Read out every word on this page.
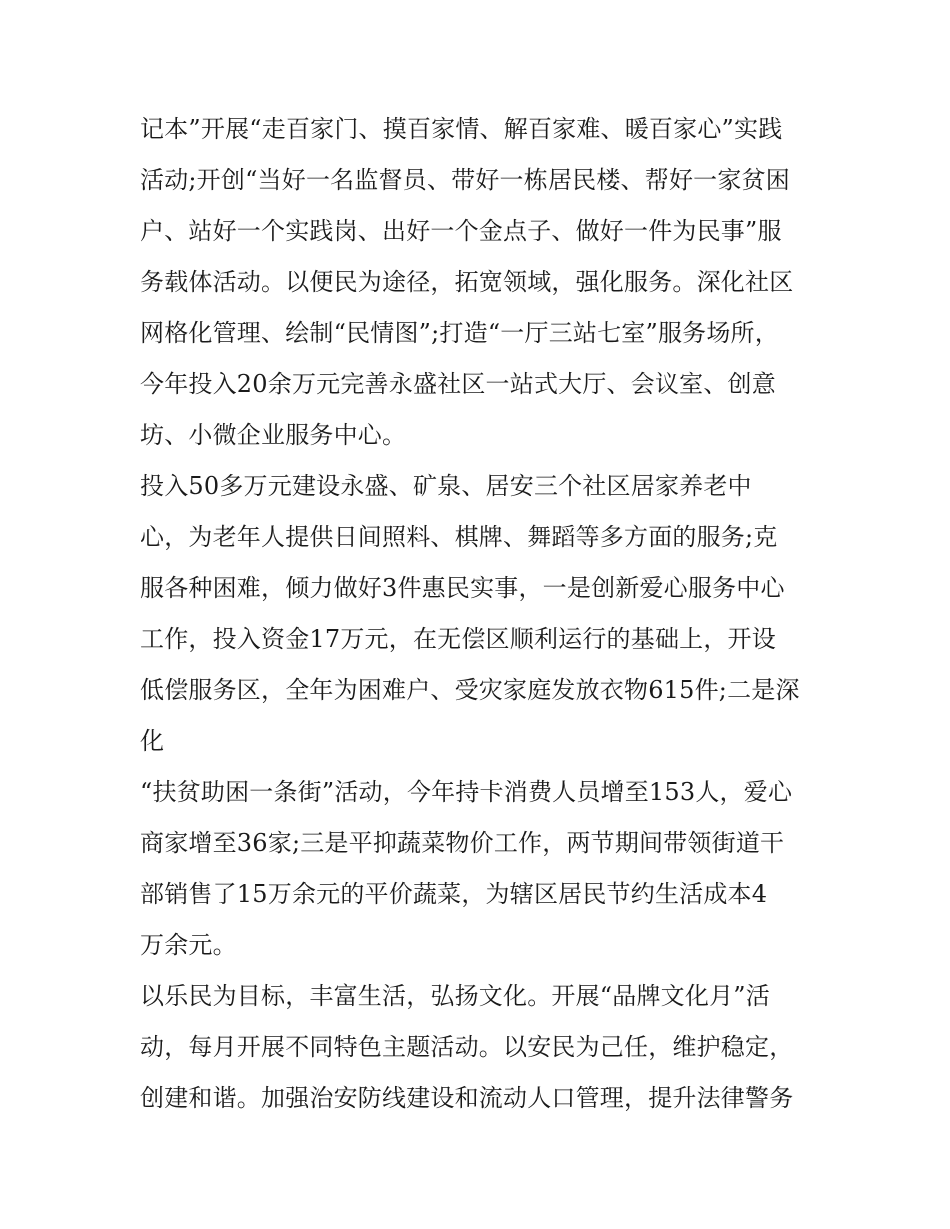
记本”开展“走百家门、摸百家情、解百家难、暖百家心”实践
活动;开创“当好一名监督员、带好一栋居民楼、帮好一家贫困
户、站好一个实践岗、出好一个金点子、做好一件为民事”服
务载体活动。以便民为途径，拓宽领域，强化服务。深化社区
网格化管理、绘制“民情图”;打造“一厅三站七室”服务场所，
今年投入20余万元完善永盛社区一站式大厅、会议室、创意
坊、小微企业服务中心。
投入50多万元建设永盛、矿泉、居安三个社区居家养老中
心，为老年人提供日间照料、棋牌、舞蹈等多方面的服务;克
服各种困难，倾力做好3件惠民实事，一是创新爱心服务中心
工作，投入资金17万元，在无偿区顺利运行的基础上，开设
低偿服务区，全年为困难户、受灾家庭发放衣物615件;二是深
化
“扶贫助困一条街”活动，今年持卡消费人员增至153人，爱心
商家增至36家;三是平抑蔬菜物价工作，两节期间带领街道干
部销售了15万余元的平价蔬菜，为辖区居民节约生活成本4
万余元。
以乐民为目标，丰富生活，弘扬文化。开展“品牌文化月”活
动，每月开展不同特色主题活动。以安民为己任，维护稳定，
创建和谐。加强治安防线建设和流动人口管理，提升法律警务
